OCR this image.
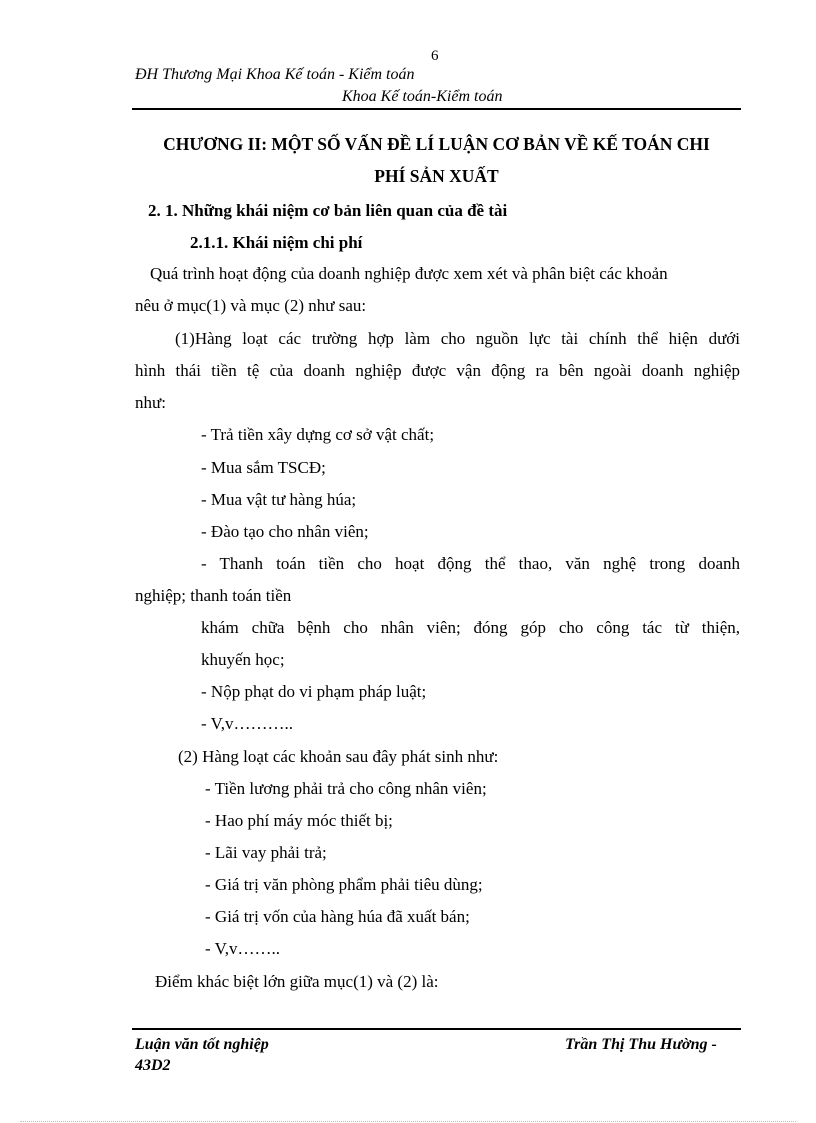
6
ĐH Thương Mại Khoa Kế toán - Kiểm toán
Khoa Kế toán-Kiểm toán
CHƯƠNG II: MỘT SỐ VẤN ĐỀ LÍ LUẬN CƠ BẢN VỀ KẾ TOÁN CHI
PHÍ SẢN XUẤT
2. 1. Những khái niệm cơ bản liên quan của đề tài
2.1.1. Khái niệm chi phí
Quá trình hoạt động của doanh nghiệp được xem xét và phân biệt các khoản
nêu ở mục(1) và mục (2) như sau:
(1)Hàng loạt các trường hợp làm cho nguồn lực tài chính thể hiện dưới
hình thái tiền tệ của doanh nghiệp được vận động ra bên ngoài doanh nghiệp
như:
- Trả tiền xây dựng cơ sở vật chất;
- Mua sắm TSCĐ;
- Mua vật tư hàng húa;
- Đào tạo cho nhân viên;
- Thanh toán tiền cho hoạt động thể thao, văn nghệ trong doanh
nghiệp; thanh toán tiền
khám chữa bệnh cho nhân viên; đóng góp cho công tác từ thiện,
khuyến học;
- Nộp phạt do vi phạm pháp luật;
- V,v………..
(2) Hàng loạt các khoản sau đây phát sinh như:
- Tiền lương phải trả cho công nhân viên;
- Hao phí máy móc thiết bị;
- Lãi vay phải trả;
- Giá trị văn phòng phẩm phải tiêu dùng;
- Giá trị vốn của hàng húa đã xuất bán;
- V,v……..
Điểm khác biệt lớn giữa mục(1) và (2) là:
Luận văn tốt nghiệp
43D2
Trần Thị Thu Hường -
